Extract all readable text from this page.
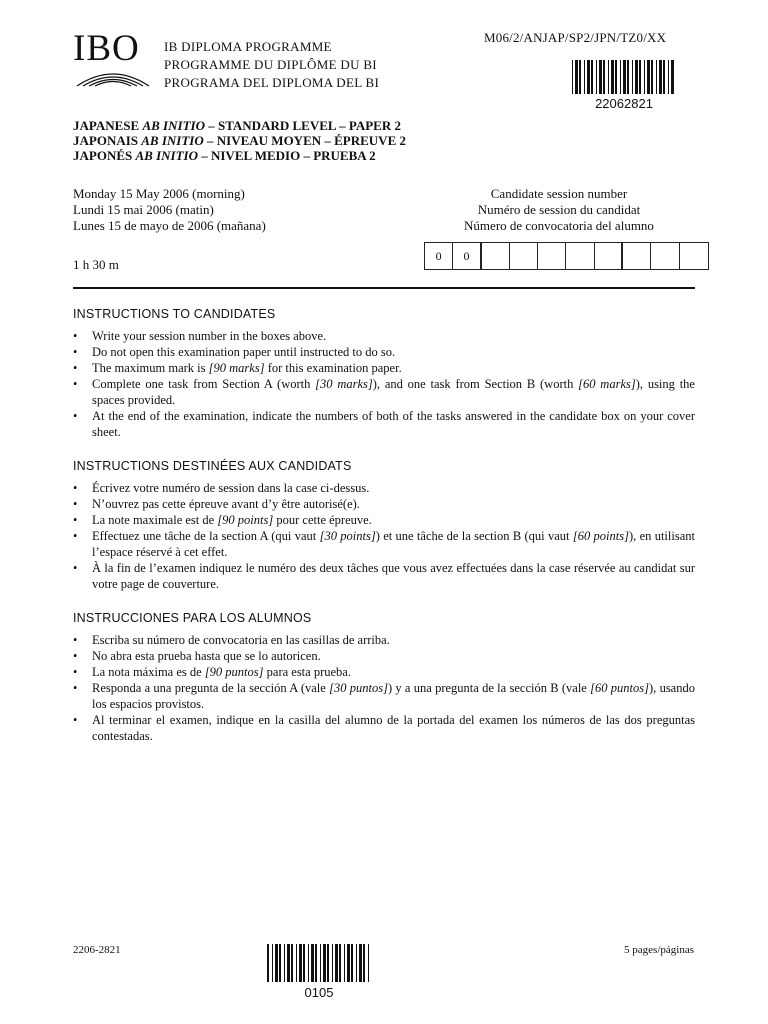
IBO IB DIPLOMA PROGRAMME
PROGRAMME DU DIPLÔME DU BI
PROGRAMA DEL DIPLOMA DEL BI
M06/2/ANJAP/SP2/JPN/TZ0/XX
22062821
JAPANESE AB INITIO – STANDARD LEVEL – PAPER 2
JAPONAIS AB INITIO – NIVEAU MOYEN – ÉPREUVE 2
JAPONÉS AB INITIO – NIVEL MEDIO – PRUEBA 2
Monday 15 May 2006 (morning)
Lundi 15 mai 2006 (matin)
Lunes 15 de mayo de 2006 (mañana)
1 h 30 m
Candidate session number
Numéro de session du candidat
Número de convocatoria del alumno
0	0
INSTRUCTIONS TO CANDIDATES
• Write your session number in the boxes above.
• Do not open this examination paper until instructed to do so.
• The maximum mark is [90 marks] for this examination paper.
• Complete one task from Section A (worth [30 marks]), and one task from Section B (worth [60 marks]), using the spaces provided.
• At the end of the examination, indicate the numbers of both of the tasks answered in the candidate box on your cover sheet.
INSTRUCTIONS DESTINÉES AUX CANDIDATS
• Écrivez votre numéro de session dans la case ci-dessus.
• N’ouvrez pas cette épreuve avant d’y être autorisé(e).
• La note maximale est de [90 points] pour cette épreuve.
• Effectuez une tâche de la section A (qui vaut [30 points]) et une tâche de la section B (qui vaut [60 points]), en utilisant l’espace réservé à cet effet.
• À la fin de l’examen indiquez le numéro des deux tâches que vous avez effectuées dans la case réservée au candidat sur votre page de couverture.
INSTRUCCIONES PARA LOS ALUMNOS
• Escriba su número de convocatoria en las casillas de arriba.
• No abra esta prueba hasta que se lo autoricen.
• La nota máxima es de [90 puntos] para esta prueba.
• Responda a una pregunta de la sección A (vale [30 puntos]) y a una pregunta de la sección B (vale [60 puntos]), usando los espacios provistos.
• Al terminar el examen, indique en la casilla del alumno de la portada del examen los números de las dos preguntas contestadas.
2206-2821
0105
5 pages/páginas
